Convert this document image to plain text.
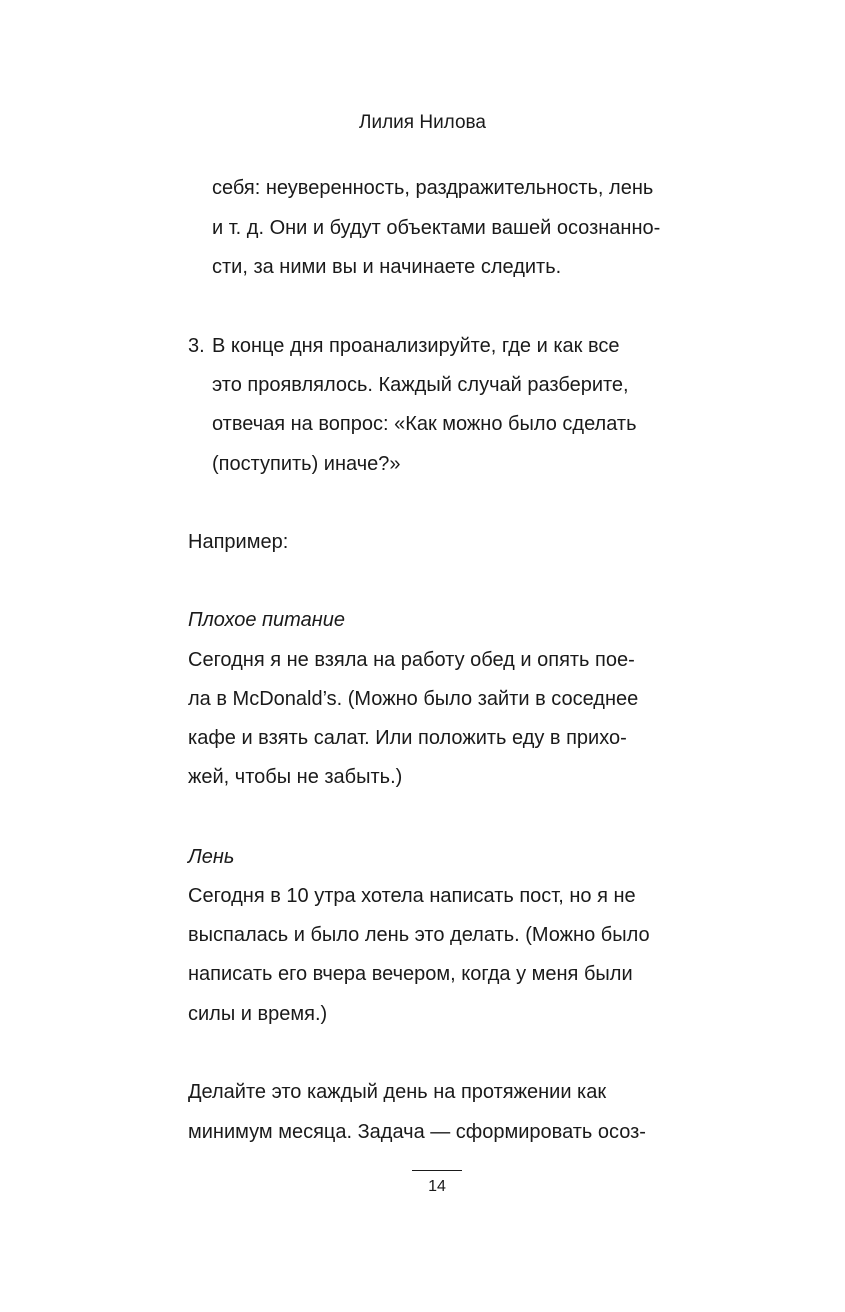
Лилия Нилова
себя: неуверенность, раздражительность, лень
и т. д. Они и будут объектами вашей осознанно-
сти, за ними вы и начинаете следить.
3. В конце дня проанализируйте, где и как все
это проявлялось. Каждый случай разберите,
отвечая на вопрос: «Как можно было сделать
(поступить) иначе?»
Например:
Плохое питание
Сегодня я не взяла на работу обед и опять пое-
ла в McDonald’s. (Можно было зайти в соседнее
кафе и взять салат. Или положить еду в прихо-
жей, чтобы не забыть.)
Лень
Сегодня в 10 утра хотела написать пост, но я не
выспалась и было лень это делать. (Можно было
написать его вчера вечером, когда у меня были
силы и время.)
Делайте это каждый день на протяжении как
минимум месяца. Задача — сформировать осоз-
14
